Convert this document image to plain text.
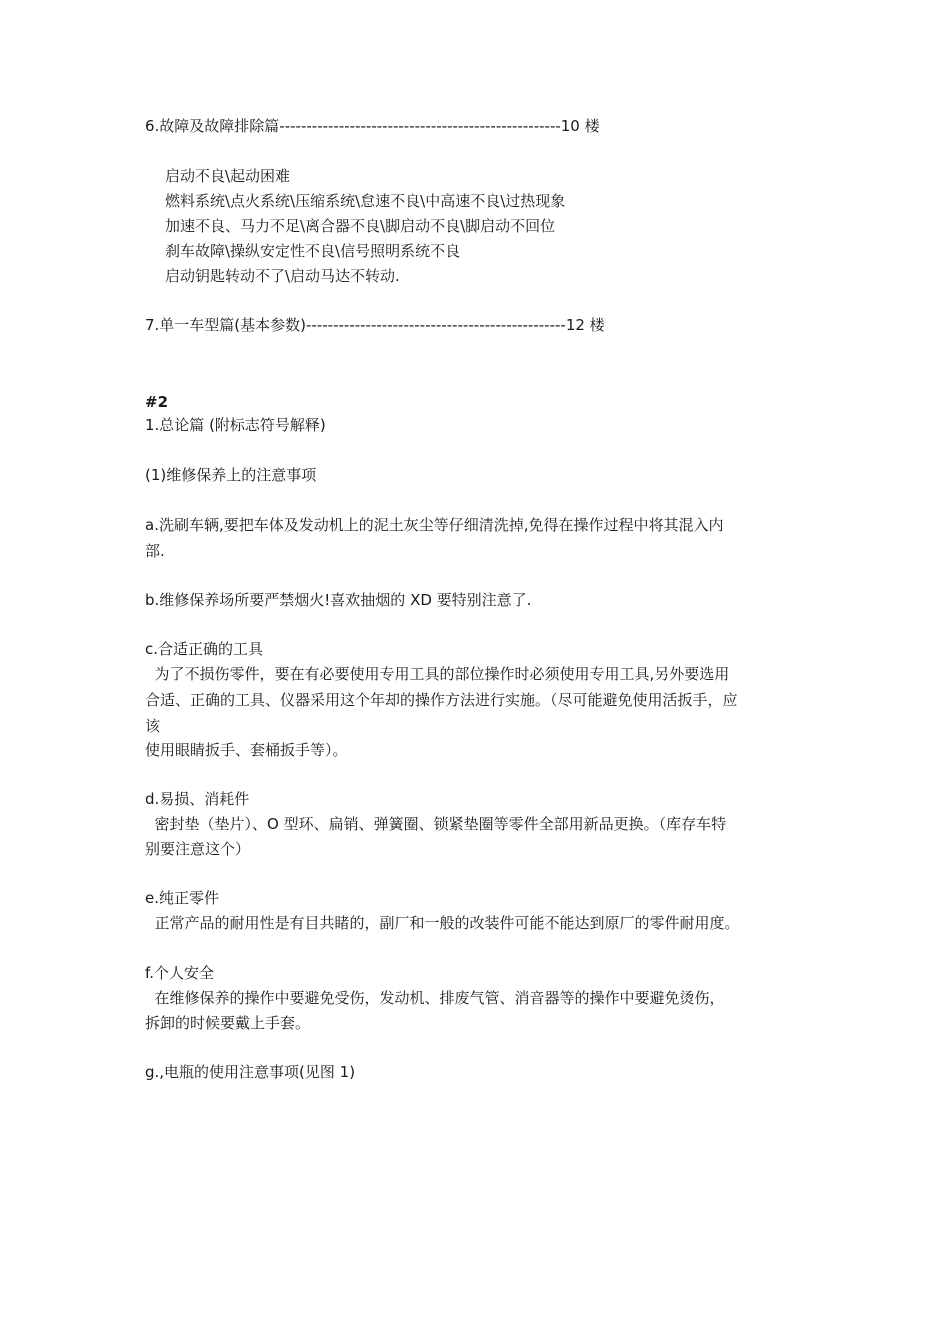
6.故障及故障排除篇----------------------------------------------------10 楼
启动不良\起动困难
燃料系统\点火系统\压缩系统\怠速不良\中高速不良\过热现象
加速不良、马力不足\离合器不良\脚启动不良\脚启动不回位
刹车故障\操纵安定性不良\信号照明系统不良
启动钥匙转动不了\启动马达不转动.
7.单一车型篇(基本参数)------------------------------------------------12 楼
#2
1.总论篇 (附标志符号解释)
(1)维修保养上的注意事项
a.洗刷车辆,要把车体及发动机上的泥土灰尘等仔细清洗掉,免得在操作过程中将其混入内
部.
b.维修保养场所要严禁烟火!喜欢抽烟的 XD 要特别注意了.
c.合适正确的工具
为了不损伤零件，要在有必要使用专用工具的部位操作时必须使用专用工具,另外要选用
合适、正确的工具、仪器采用这个年却的操作方法进行实施。（尽可能避免使用活扳手，应
该
使用眼睛扳手、套桶扳手等）。
d.易损、消耗件
密封垫（垫片）、O 型环、扁销、弹簧圈、锁紧垫圈等零件全部用新品更换。（库存车特
别要注意这个）
e.纯正零件
正常产品的耐用性是有目共睹的，副厂和一般的改装件可能不能达到原厂的零件耐用度。
f.个人安全
在维修保养的操作中要避免受伤，发动机、排废气管、消音器等的操作中要避免烫伤，
拆卸的时候要戴上手套。
g.,电瓶的使用注意事项(见图 1)
